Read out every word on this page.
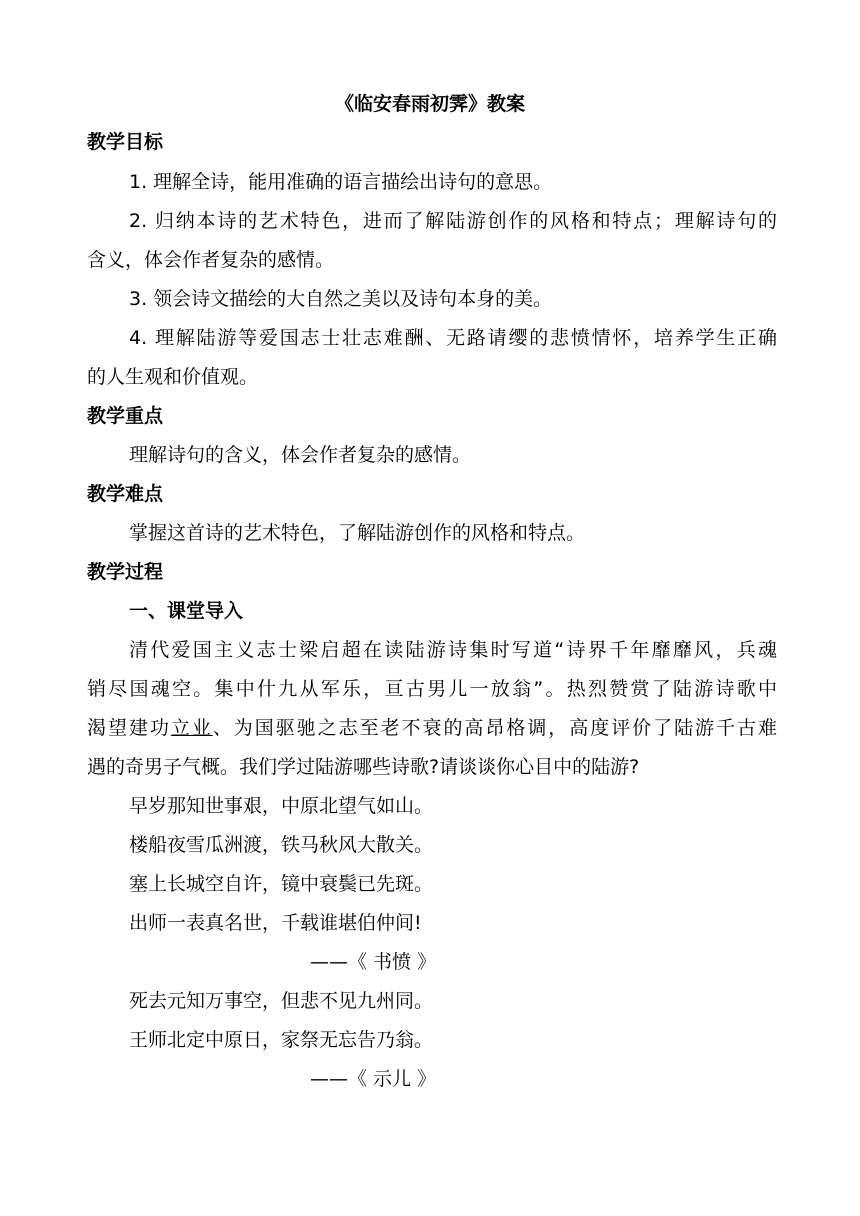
《临安春雨初霁》教案
教学目标
1. 理解全诗，能用准确的语言描绘出诗句的意思。
2. 归纳本诗的艺术特色，进而了解陆游创作的风格和特点；理解诗句的
含义，体会作者复杂的感情。
3. 领会诗文描绘的大自然之美以及诗句本身的美。
4. 理解陆游等爱国志士壮志难酬、无路请缨的悲愤情怀，培养学生正确
的人生观和价值观。
教学重点
理解诗句的含义，体会作者复杂的感情。
教学难点
掌握这首诗的艺术特色，了解陆游创作的风格和特点。
教学过程
一、课堂导入
清代爱国主义志士梁启超在读陆游诗集时写道“诗界千年靡靡风，兵魂
销尽国魂空。集中什九从军乐，亘古男儿一放翁”。热烈赞赏了陆游诗歌中
渴望建功立业、为国驱驰之志至老不衰的高昂格调，高度评价了陆游千古难
遇的奇男子气概。我们学过陆游哪些诗歌?请谈谈你心目中的陆游?
早岁那知世事艰，中原北望气如山。
楼船夜雪瓜洲渡，铁马秋风大散关。
塞上长城空自许，镜中衰鬓已先斑。
出师一表真名世，千载谁堪伯仲间!
——《 书愤 》
死去元知万事空，但悲不见九州同。
王师北定中原日，家祭无忘告乃翁。
——《 示儿 》
